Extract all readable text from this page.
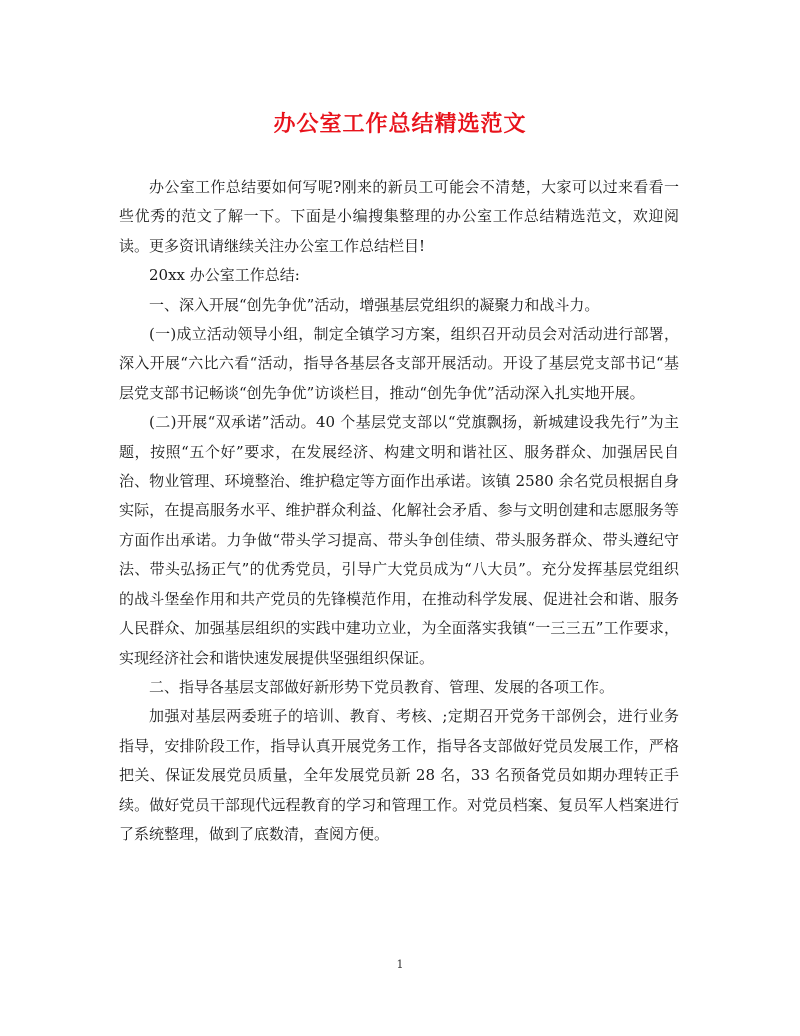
办公室工作总结精选范文

办公室工作总结要如何写呢?刚来的新员工可能会不清楚，大家可以过来看看一些优秀的范文了解一下。下面是小编搜集整理的办公室工作总结精选范文，欢迎阅读。更多资讯请继续关注办公室工作总结栏目!

20xx 办公室工作总结:

一、深入开展“创先争优”活动，增强基层党组织的凝聚力和战斗力。

(一)成立活动领导小组，制定全镇学习方案，组织召开动员会对活动进行部署，深入开展“六比六看“活动，指导各基层各支部开展活动。开设了基层党支部书记“基层党支部书记畅谈“创先争优”访谈栏目，推动“创先争优”活动深入扎实地开展。

(二)开展“双承诺”活动。40 个基层党支部以“党旗飘扬，新城建设我先行”为主题，按照“五个好”要求，在发展经济、构建文明和谐社区、服务群众、加强居民自治、物业管理、环境整治、维护稳定等方面作出承诺。该镇 2580 余名党员根据自身实际，在提高服务水平、维护群众利益、化解社会矛盾、参与文明创建和志愿服务等方面作出承诺。力争做“带头学习提高、带头争创佳绩、带头服务群众、带头遵纪守法、带头弘扬正气”的优秀党员，引导广大党员成为“八大员”。充分发挥基层党组织的战斗堡垒作用和共产党员的先锋模范作用，在推动科学发展、促进社会和谐、服务人民群众、加强基层组织的实践中建功立业，为全面落实我镇“一三三五”工作要求，实现经济社会和谐快速发展提供坚强组织保证。

二、指导各基层支部做好新形势下党员教育、管理、发展的各项工作。

加强对基层两委班子的培训、教育、考核、;定期召开党务干部例会，进行业务指导，安排阶段工作，指导认真开展党务工作，指导各支部做好党员发展工作，严格把关、保证发展党员质量，全年发展党员新 28 名，33 名预备党员如期办理转正手续。做好党员干部现代远程教育的学习和管理工作。对党员档案、复员军人档案进行了系统整理，做到了底数清，查阅方便。

1
